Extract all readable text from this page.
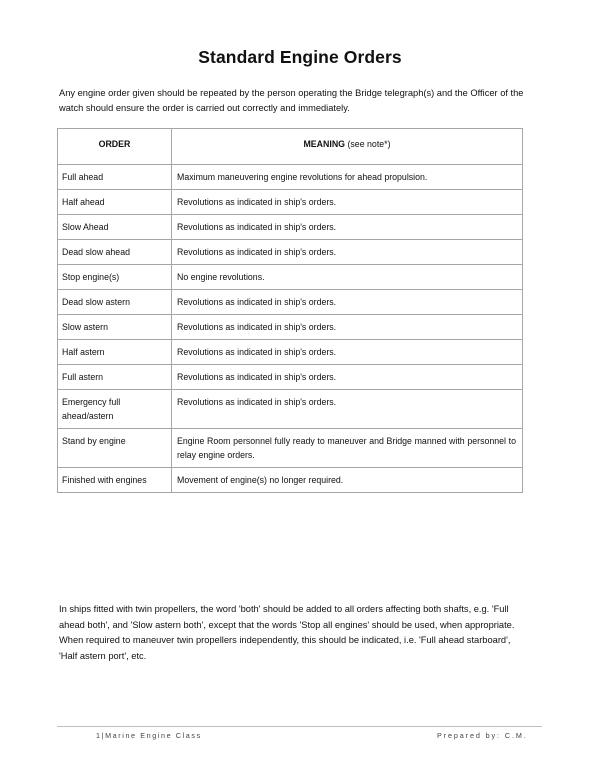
Standard Engine Orders

Any engine order given should be repeated by the person operating the Bridge telegraph(s) and the Officer of the watch should ensure the order is carried out correctly and immediately.

ORDER	MEANING (see note*)
Full ahead	Maximum maneuvering engine revolutions for ahead propulsion.
Half ahead	Revolutions as indicated in ship's orders.
Slow Ahead	Revolutions as indicated in ship's orders.
Dead slow ahead	Revolutions as indicated in ship's orders.
Stop engine(s)	No engine revolutions.
Dead slow astern	Revolutions as indicated in ship's orders.
Slow astern	Revolutions as indicated in ship's orders.
Half astern	Revolutions as indicated in ship's orders.
Full astern	Revolutions as indicated in ship's orders.
Emergency full ahead/astern	Revolutions as indicated in ship's orders.
Stand by engine	Engine Room personnel fully ready to maneuver and Bridge manned with personnel to relay engine orders.
Finished with engines	Movement of engine(s) no longer required.

In ships fitted with twin propellers, the word 'both' should be added to all orders affecting both shafts, e.g. 'Full ahead both', and 'Slow astern both', except that the words 'Stop all engines' should be used, when appropriate. When required to maneuver twin propellers independently, this should be indicated, i.e. 'Full ahead starboard', 'Half astern port', etc.

1|Marine Engine Class	Prepared by: C.M.
